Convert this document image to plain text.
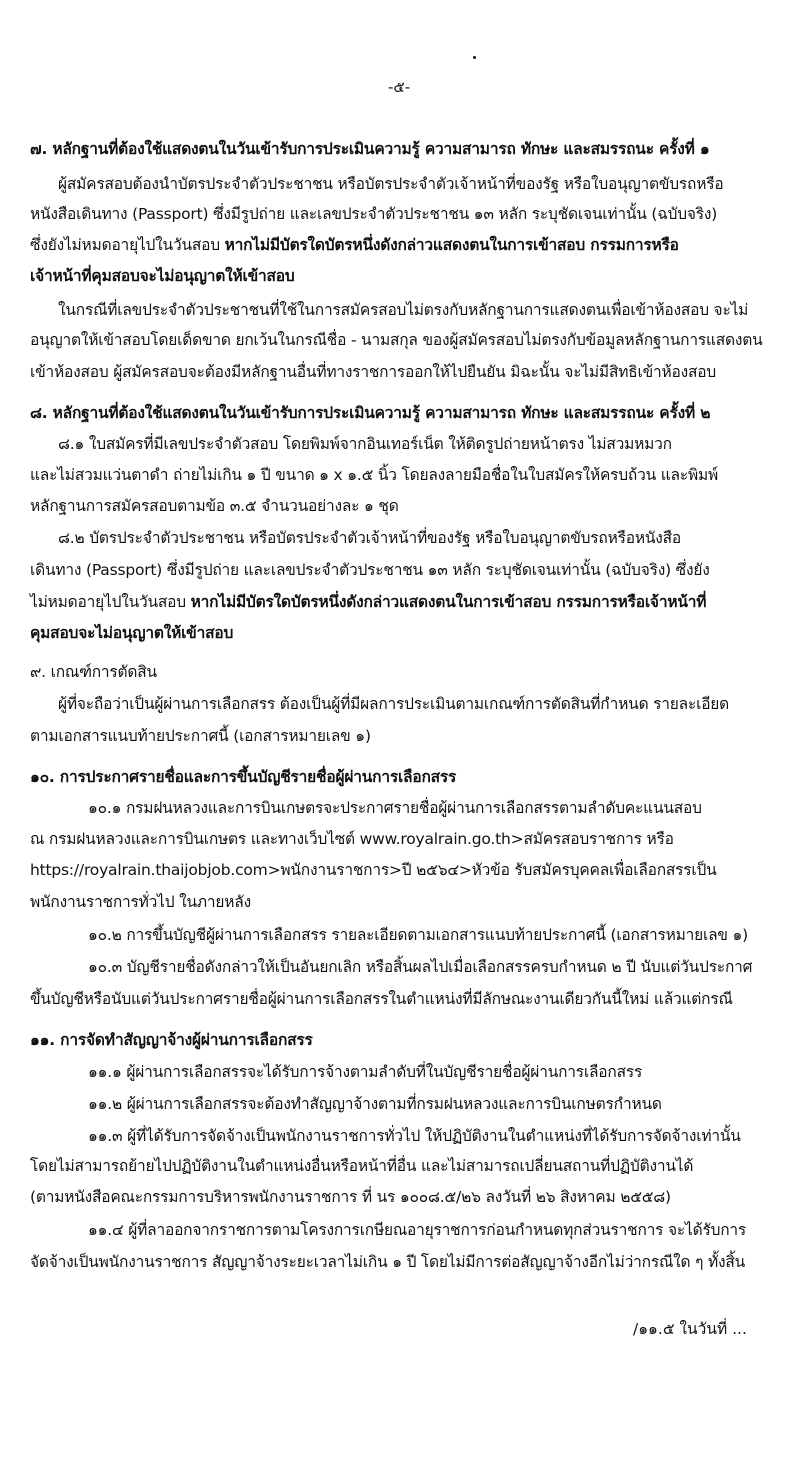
-๕-
๗. หลักฐานที่ต้องใช้แสดงตนในวันเข้ารับการประเมินความรู้ ความสามารถ ทักษะ และสมรรถนะ ครั้งที่ ๑
ผู้สมัครสอบต้องนำบัตรประจำตัวประชาชน หรือบัตรประจำตัวเจ้าหน้าที่ของรัฐ หรือใบอนุญาตขับรถหรือ
หนังสือเดินทาง (Passport) ซึ่งมีรูปถ่าย และเลขประจำตัวประชาชน ๑๓ หลัก ระบุชัดเจนเท่านั้น (ฉบับจริง)
ซึ่งยังไม่หมดอายุไปในวันสอบ หากไม่มีบัตรใดบัตรหนึ่งดังกล่าวแสดงตนในการเข้าสอบ กรรมการหรือ
เจ้าหน้าที่คุมสอบจะไม่อนุญาตให้เข้าสอบ
ในกรณีที่เลขประจำตัวประชาชนที่ใช้ในการสมัครสอบไม่ตรงกับหลักฐานการแสดงตนเพื่อเข้าห้องสอบ จะไม่
อนุญาตให้เข้าสอบโดยเด็ดขาด ยกเว้นในกรณีชื่อ - นามสกุล ของผู้สมัครสอบไม่ตรงกับข้อมูลหลักฐานการแสดงตน
เข้าห้องสอบ ผู้สมัครสอบจะต้องมีหลักฐานอื่นที่ทางราชการออกให้ไปยืนยัน มิฉะนั้น จะไม่มีสิทธิเข้าห้องสอบ
๘. หลักฐานที่ต้องใช้แสดงตนในวันเข้ารับการประเมินความรู้ ความสามารถ ทักษะ และสมรรถนะ ครั้งที่ ๒
๘.๑ ใบสมัครที่มีเลขประจำตัวสอบ โดยพิมพ์จากอินเทอร์เน็ต ให้ติดรูปถ่ายหน้าตรง ไม่สวมหมวก
และไม่สวมแว่นตาดำ ถ่ายไม่เกิน ๑ ปี ขนาด ๑ x ๑.๕ นิ้ว โดยลงลายมือชื่อในใบสมัครให้ครบถ้วน และพิมพ์
หลักฐานการสมัครสอบตามข้อ ๓.๕ จำนวนอย่างละ ๑ ชุด
๘.๒ บัตรประจำตัวประชาชน หรือบัตรประจำตัวเจ้าหน้าที่ของรัฐ หรือใบอนุญาตขับรถหรือหนังสือ
เดินทาง (Passport) ซึ่งมีรูปถ่าย และเลขประจำตัวประชาชน ๑๓ หลัก ระบุชัดเจนเท่านั้น (ฉบับจริง) ซึ่งยัง
ไม่หมดอายุไปในวันสอบ หากไม่มีบัตรใดบัตรหนึ่งดังกล่าวแสดงตนในการเข้าสอบ กรรมการหรือเจ้าหน้าที่
คุมสอบจะไม่อนุญาตให้เข้าสอบ
๙. เกณฑ์การตัดสิน
ผู้ที่จะถือว่าเป็นผู้ผ่านการเลือกสรร ต้องเป็นผู้ที่มีผลการประเมินตามเกณฑ์การตัดสินที่กำหนด รายละเอียด
ตามเอกสารแนบท้ายประกาศนี้ (เอกสารหมายเลข ๑)
๑๐. การประกาศรายชื่อและการขึ้นบัญชีรายชื่อผู้ผ่านการเลือกสรร
๑๐.๑ กรมฝนหลวงและการบินเกษตรจะประกาศรายชื่อผู้ผ่านการเลือกสรรตามลำดับคะแนนสอบ
ณ กรมฝนหลวงและการบินเกษตร และทางเว็บไซต์ www.royalrain.go.th>สมัครสอบราชการ หรือ
https://royalrain.thaijobjob.com>พนักงานราชการ>ปี ๒๕๖๔>หัวข้อ รับสมัครบุคคลเพื่อเลือกสรรเป็น
พนักงานราชการทั่วไป ในภายหลัง
๑๐.๒ การขึ้นบัญชีผู้ผ่านการเลือกสรร รายละเอียดตามเอกสารแนบท้ายประกาศนี้ (เอกสารหมายเลข ๑)
๑๐.๓ บัญชีรายชื่อดังกล่าวให้เป็นอันยกเลิก หรือสิ้นผลไปเมื่อเลือกสรรครบกำหนด ๒ ปี นับแต่วันประกาศ
ขึ้นบัญชีหรือนับแต่วันประกาศรายชื่อผู้ผ่านการเลือกสรรในตำแหน่งที่มีลักษณะงานเดียวกันนี้ใหม่ แล้วแต่กรณี
๑๑. การจัดทำสัญญาจ้างผู้ผ่านการเลือกสรร
๑๑.๑ ผู้ผ่านการเลือกสรรจะได้รับการจ้างตามลำดับที่ในบัญชีรายชื่อผู้ผ่านการเลือกสรร
๑๑.๒ ผู้ผ่านการเลือกสรรจะต้องทำสัญญาจ้างตามที่กรมฝนหลวงและการบินเกษตรกำหนด
๑๑.๓ ผู้ที่ได้รับการจัดจ้างเป็นพนักงานราชการทั่วไป ให้ปฏิบัติงานในตำแหน่งที่ได้รับการจัดจ้างเท่านั้น
โดยไม่สามารถย้ายไปปฏิบัติงานในตำแหน่งอื่นหรือหน้าที่อื่น และไม่สามารถเปลี่ยนสถานที่ปฏิบัติงานได้
(ตามหนังสือคณะกรรมการบริหารพนักงานราชการ ที่ นร ๑๐๐๘.๕/๒๖ ลงวันที่ ๒๖ สิงหาคม ๒๕๕๘)
๑๑.๔ ผู้ที่ลาออกจากราชการตามโครงการเกษียณอายุราชการก่อนกำหนดทุกส่วนราชการ จะได้รับการ
จัดจ้างเป็นพนักงานราชการ สัญญาจ้างระยะเวลาไม่เกิน ๑ ปี โดยไม่มีการต่อสัญญาจ้างอีกไม่ว่ากรณีใด ๆ ทั้งสิ้น
/๑๑.๕ ในวันที่ ...
